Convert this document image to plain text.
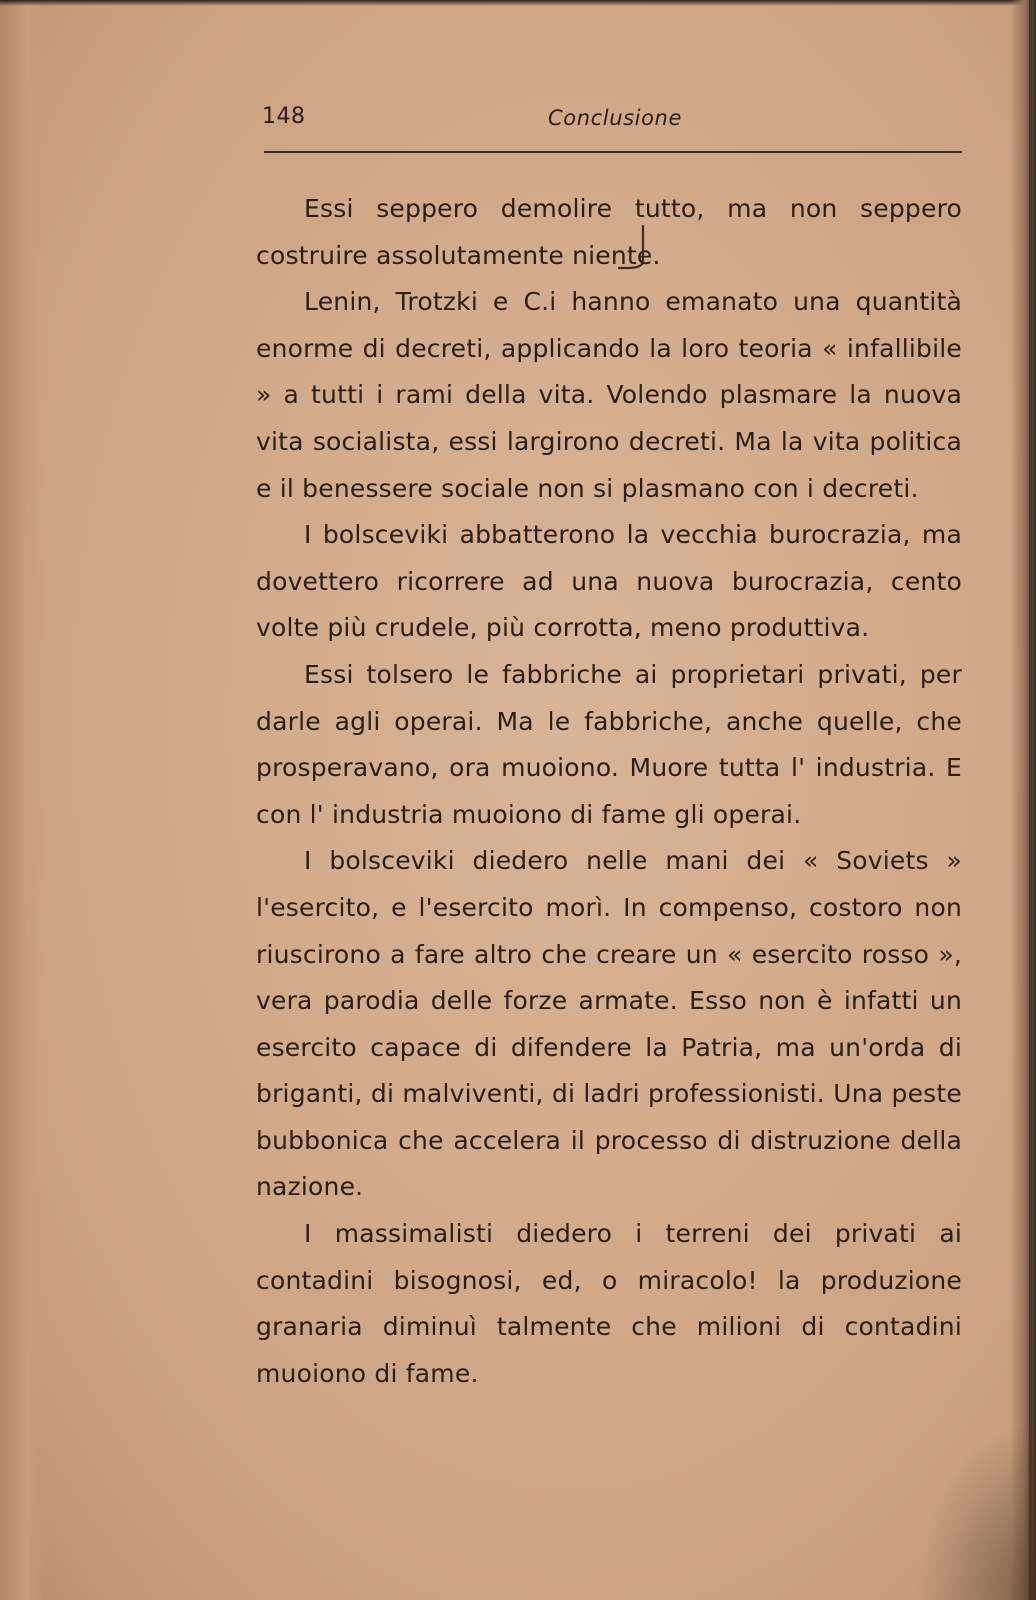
148	Conclusione

Essi seppero demolire tutto, ma non seppero costruire assolutamente niente.

Lenin, Trotzki e C.i hanno emanato una quantità enorme di decreti, applicando la loro teoria « infallibile » a tutti i rami della vita. Volendo plasmare la nuova vita socialista, essi largirono decreti. Ma la vita politica e il benessere sociale non si plasmano con i decreti.

I bolsceviki abbatterono la vecchia burocrazia, ma dovettero ricorrere ad una nuova burocrazia, cento volte più crudele, più corrotta, meno produttiva.

Essi tolsero le fabbriche ai proprietari privati, per darle agli operai. Ma le fabbriche, anche quelle, che prosperavano, ora muoiono. Muore tutta l' industria. E con l' industria muoiono di fame gli operai.

I bolsceviki diedero nelle mani dei « Soviets » l'esercito, e l'esercito morì. In compenso, costoro non riuscirono a fare altro che creare un « esercito rosso », vera parodia delle forze armate. Esso non è infatti un esercito capace di difendere la Patria, ma un'orda di briganti, di malviventi, di ladri professionisti. Una peste bubbonica che accelera il processo di distruzione della nazione.

I massimalisti diedero i terreni dei privati ai contadini bisognosi, ed, o miracolo! la produzione granaria diminuì talmente che milioni di contadini muoiono di fame.
